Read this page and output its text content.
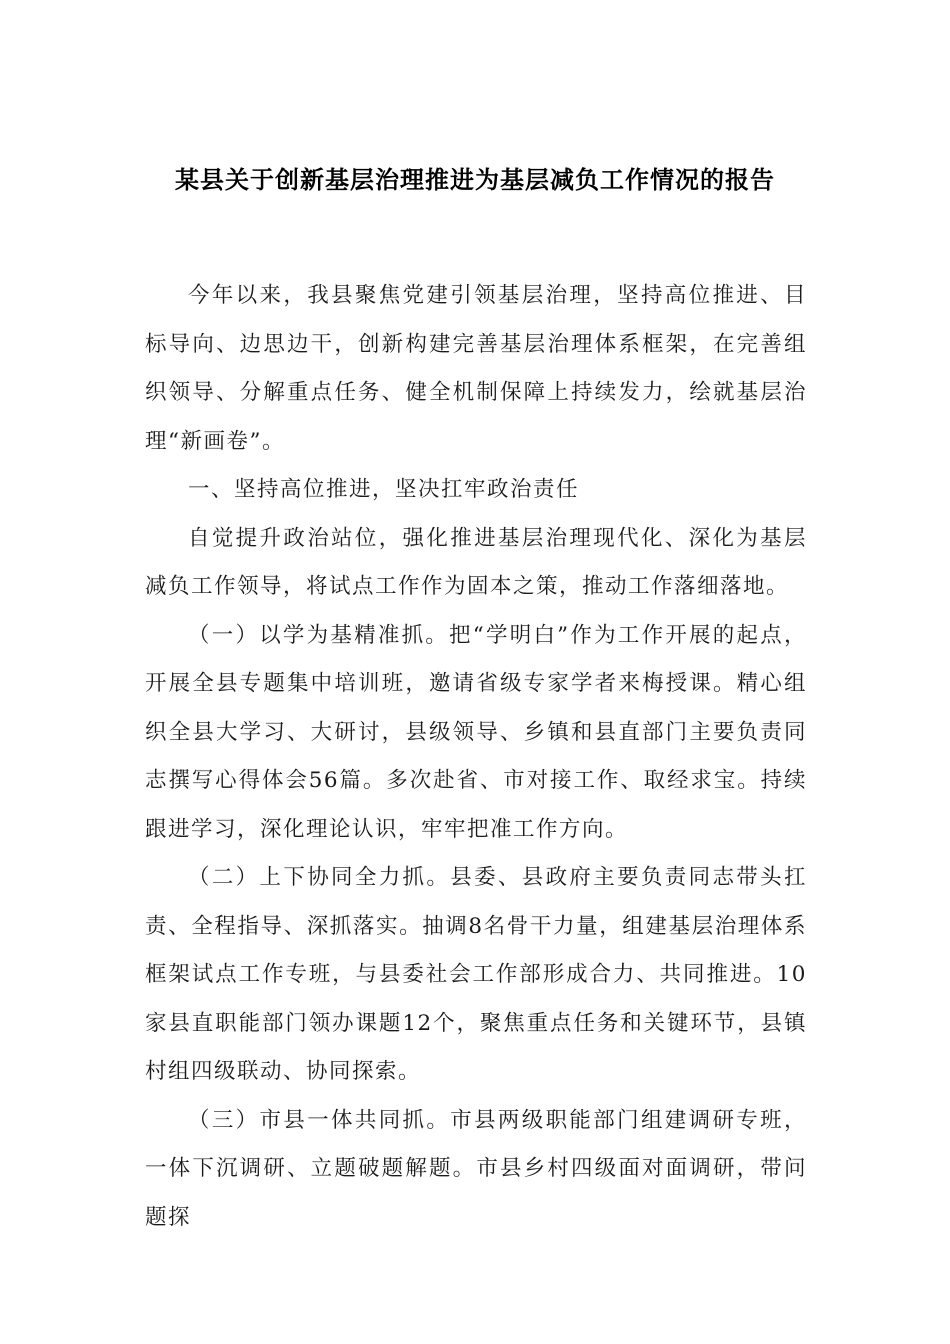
某县关于创新基层治理推进为基层减负工作情况的报告

今年以来，我县聚焦党建引领基层治理，坚持高位推进、目标导向、边思边干，创新构建完善基层治理体系框架，在完善组织领导、分解重点任务、健全机制保障上持续发力，绘就基层治理“新画卷”。

一、坚持高位推进，坚决扛牢政治责任

自觉提升政治站位，强化推进基层治理现代化、深化为基层减负工作领导，将试点工作作为固本之策，推动工作落细落地。

（一）以学为基精准抓。把“学明白”作为工作开展的起点，开展全县专题集中培训班，邀请省级专家学者来梅授课。精心组织全县大学习、大研讨，县级领导、乡镇和县直部门主要负责同志撰写心得体会56篇。多次赴省、市对接工作、取经求宝。持续跟进学习，深化理论认识，牢牢把准工作方向。

（二）上下协同全力抓。县委、县政府主要负责同志带头扛责、全程指导、深抓落实。抽调8名骨干力量，组建基层治理体系框架试点工作专班，与县委社会工作部形成合力、共同推进。10家县直职能部门领办课题12个，聚焦重点任务和关键环节，县镇村组四级联动、协同探索。

（三）市县一体共同抓。市县两级职能部门组建调研专班，一体下沉调研、立题破题解题。市县乡村四级面对面调研，带问题探
